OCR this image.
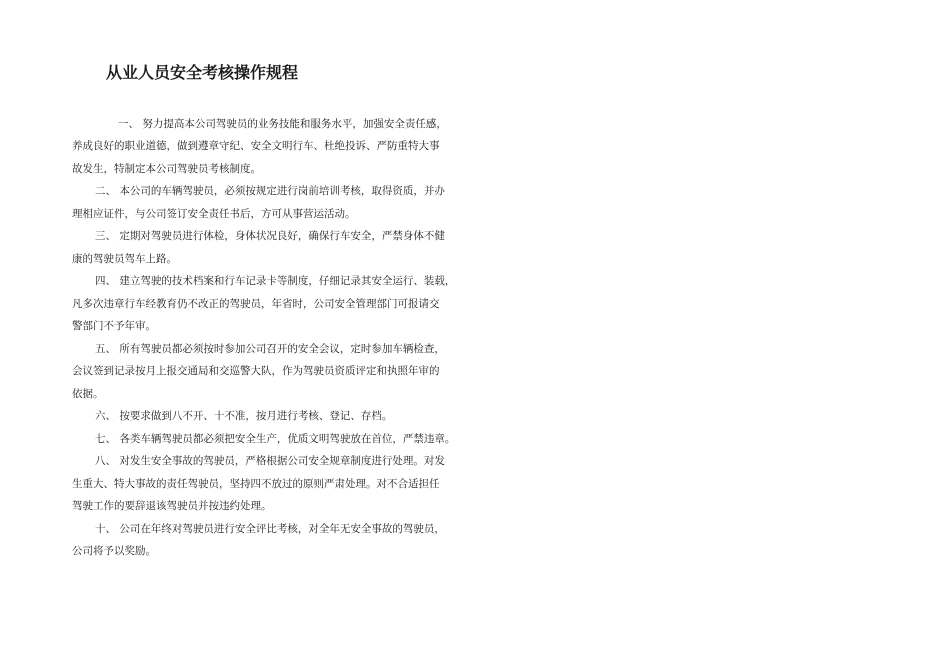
从业人员安全考核操作规程
一、 努力提高本公司驾驶员的业务技能和服务水平，加强安全责任感，
养成良好的职业道德，做到遵章守纪、安全文明行车、杜绝投诉、严防重特大事
故发生，特制定本公司驾驶员考核制度。
二、 本公司的车辆驾驶员，必须按规定进行岗前培训考核，取得资质，并办
理相应证件，与公司签订安全责任书后，方可从事营运活动。
三、 定期对驾驶员进行体检，身体状况良好，确保行车安全，严禁身体不健
康的驾驶员驾车上路。
四、 建立驾驶的技术档案和行车记录卡等制度，仔细记录其安全运行、装载，
凡多次违章行车经教育仍不改正的驾驶员，年省时，公司安全管理部门可报请交
警部门不予年审。
五、 所有驾驶员都必须按时参加公司召开的安全会议，定时参加车辆检查，
会议签到记录按月上报交通局和交巡警大队，作为驾驶员资质评定和执照年审的
依据。
六、 按要求做到八不开、十不准，按月进行考核、登记、存档。
七、 各类车辆驾驶员都必须把安全生产，优质文明驾驶放在首位，严禁违章。
八、 对发生安全事故的驾驶员，严格根据公司安全规章制度进行处理。对发
生重大、特大事故的责任驾驶员，坚持四不放过的原则严肃处理。对不合适担任
驾驶工作的要辞退该驾驶员并按违约处理。
十、 公司在年终对驾驶员进行安全评比考核，对全年无安全事故的驾驶员，
公司将予以奖励。
